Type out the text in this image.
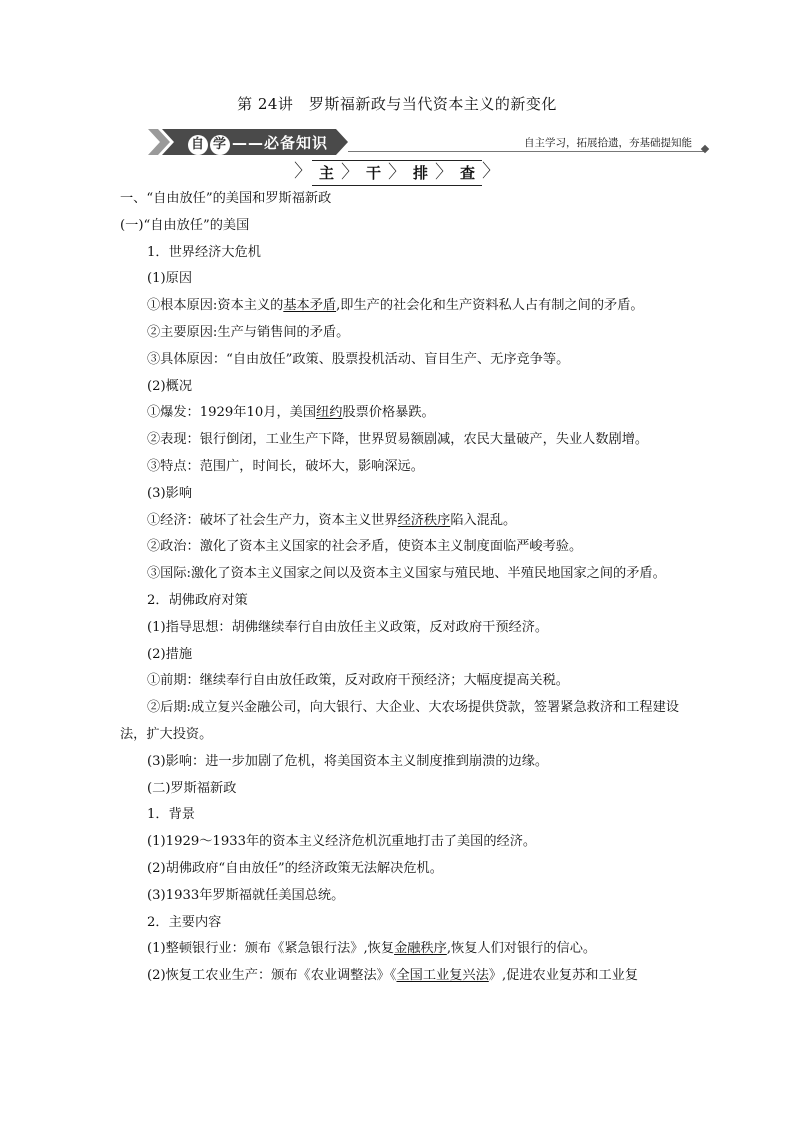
第 24讲　罗斯福新政与当代资本主义的新变化
自 学 ——必备知识	自主学习，拓展拾遗，夯基础提知能
〉 主 〉 干 〉 排 〉 查 〉
一、“自由放任”的美国和罗斯福新政
(一)“自由放任”的美国
1．世界经济大危机
(1)原因
①根本原因:资本主义的基本矛盾,即生产的社会化和生产资料私人占有制之间的矛盾。
②主要原因:生产与销售间的矛盾。
③具体原因：“自由放任”政策、股票投机活动、盲目生产、无序竞争等。
(2)概况
①爆发：1929年10月，美国纽约股票价格暴跌。
②表现：银行倒闭，工业生产下降，世界贸易额剧减，农民大量破产，失业人数剧增。
③特点：范围广，时间长，破坏大，影响深远。
(3)影响
①经济：破坏了社会生产力，资本主义世界经济秩序陷入混乱。
②政治：激化了资本主义国家的社会矛盾，使资本主义制度面临严峻考验。
③国际:激化了资本主义国家之间以及资本主义国家与殖民地、半殖民地国家之间的矛盾。
2．胡佛政府对策
(1)指导思想：胡佛继续奉行自由放任主义政策，反对政府干预经济。
(2)措施
①前期：继续奉行自由放任政策，反对政府干预经济；大幅度提高关税。
②后期:成立复兴金融公司，向大银行、大企业、大农场提供贷款，签署紧急救济和工程建设法，扩大投资。
(3)影响：进一步加剧了危机，将美国资本主义制度推到崩溃的边缘。
(二)罗斯福新政
1．背景
(1)1929～1933年的资本主义经济危机沉重地打击了美国的经济。
(2)胡佛政府“自由放任”的经济政策无法解决危机。
(3)1933年罗斯福就任美国总统。
2．主要内容
(1)整顿银行业：颁布《紧急银行法》,恢复金融秩序,恢复人们对银行的信心。
(2)恢复工农业生产：颁布《农业调整法》《全国工业复兴法》,促进农业复苏和工业复
